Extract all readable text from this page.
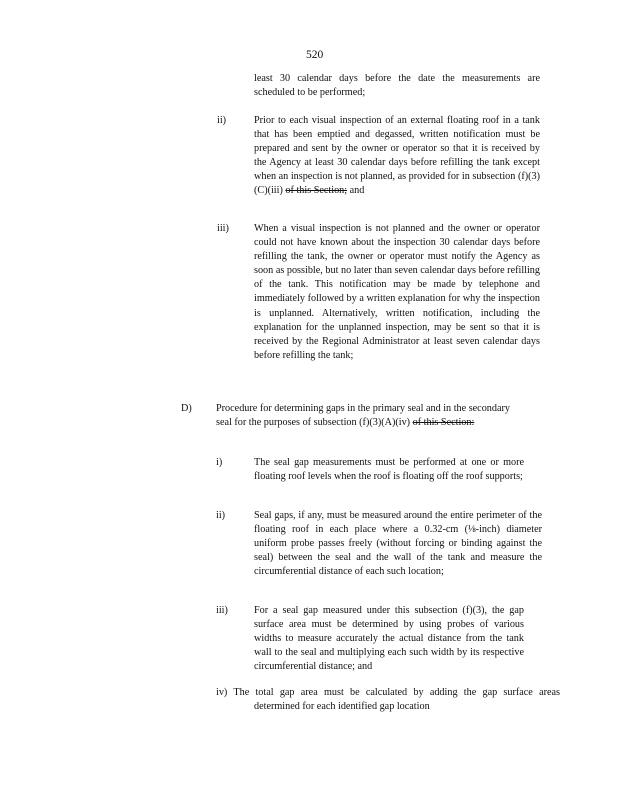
520

least 30 calendar days before the date the measurements are scheduled to be performed;

ii)	Prior to each visual inspection of an external floating roof in a tank that has been emptied and degassed, written notification must be prepared and sent by the owner or operator so that it is received by the Agency at least 30 calendar days before refilling the tank except when an inspection is not planned, as provided for in subsection (f)(3)(C)(iii) of this Section; and

iii) When a visual inspection is not planned and the owner or operator could not have known about the inspection 30 calendar days before refilling the tank, the owner or operator must notify the Agency as soon as possible, but no later than seven calendar days before refilling of the tank. This notification may be made by telephone and immediately followed by a written explanation for why the inspection is unplanned. Alternatively, written notification, including the explanation for the unplanned inspection, may be sent so that it is received by the Regional Administrator at least seven calendar days before refilling the tank;

D) Procedure for determining gaps in the primary seal and in the secondary seal for the purposes of subsection (f)(3)(A)(iv) of this Section:

i)	The seal gap measurements must be performed at one or more floating roof levels when the roof is floating off the roof supports;

ii)	Seal gaps, if any, must be measured around the entire perimeter of the floating roof in each place where a 0.32-cm (⅛-inch) diameter uniform probe passes freely (without forcing or binding against the seal) between the seal and the wall of the tank and measure the circumferential distance of each such location;

iii)	For a seal gap measured under this subsection (f)(3), the gap surface area must be determined by using probes of various widths to measure accurately the actual distance from the tank wall to the seal and multiplying each such width by its respective circumferential distance; and

iv) The total gap area must be calculated by adding the gap surface areas determined for each identified gap location
